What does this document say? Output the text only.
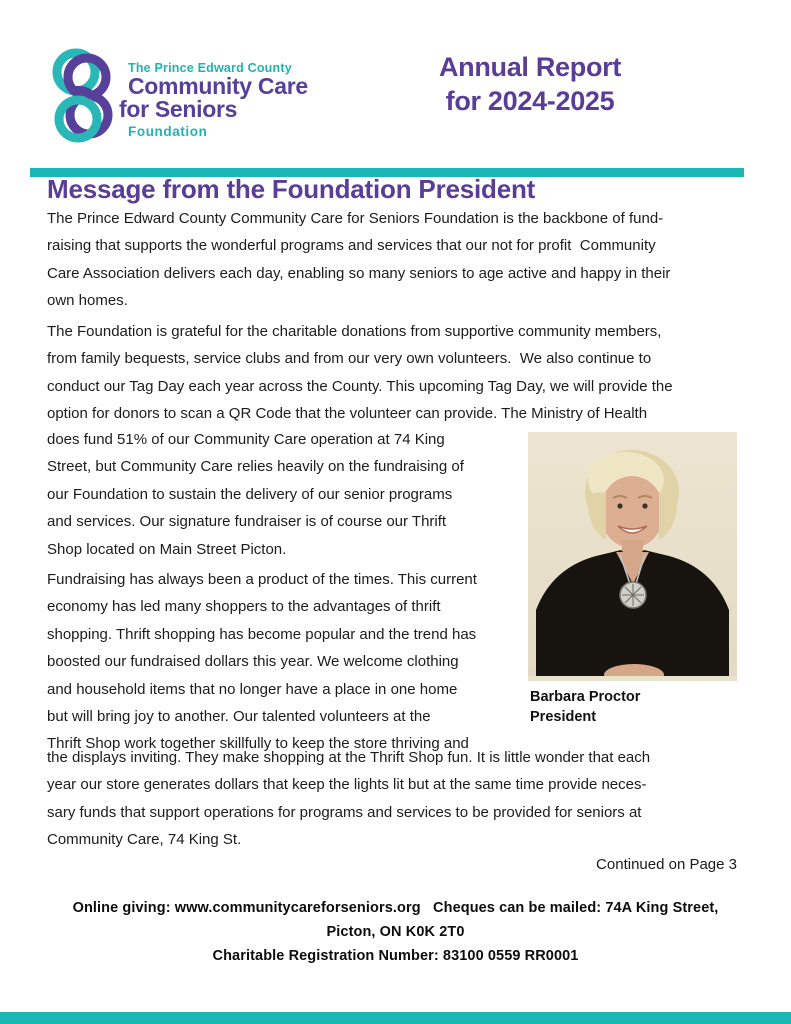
The Prince Edward County
Community Care
for Seniors
Foundation
Annual Report
for 2024-2025
Message from the Foundation President
The Prince Edward County Community Care for Seniors Foundation is the backbone of fund-
raising that supports the wonderful programs and services that our not for profit  Community
Care Association delivers each day, enabling so many seniors to age active and happy in their
own homes.
The Foundation is grateful for the charitable donations from supportive community members,
from family bequests, service clubs and from our very own volunteers.  We also continue to
conduct our Tag Day each year across the County. This upcoming Tag Day, we will provide the
option for donors to scan a QR Code that the volunteer can provide. The Ministry of Health
does fund 51% of our Community Care operation at 74 King
Street, but Community Care relies heavily on the fundraising of
our Foundation to sustain the delivery of our senior programs
and services. Our signature fundraiser is of course our Thrift
Shop located on Main Street Picton.
Fundraising has always been a product of the times. This current
economy has led many shoppers to the advantages of thrift
shopping. Thrift shopping has become popular and the trend has
boosted our fundraised dollars this year. We welcome clothing
and household items that no longer have a place in one home
but will bring joy to another. Our talented volunteers at the
Thrift Shop work together skillfully to keep the store thriving and
the displays inviting. They make shopping at the Thrift Shop fun. It is little wonder that each
year our store generates dollars that keep the lights lit but at the same time provide neces-
sary funds that support operations for programs and services to be provided for seniors at
Community Care, 74 King St.
Barbara Proctor
President
Continued on Page 3
Online giving: www.communitycareforseniors.org   Cheques can be mailed: 74A King Street,
Picton, ON K0K 2T0
Charitable Registration Number: 83100 0559 RR0001
